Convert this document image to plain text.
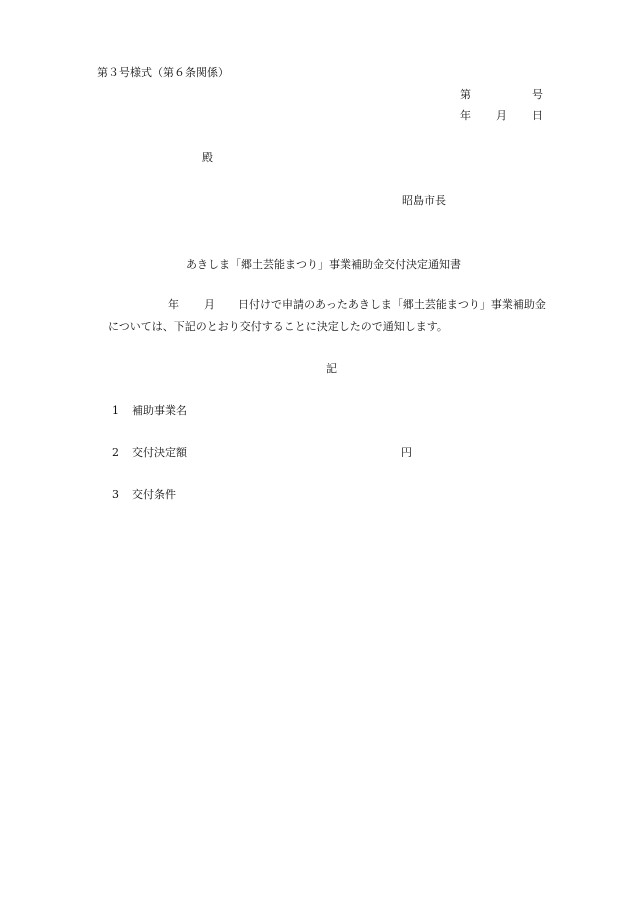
第３号様式（第６条関係）
第	号
年 月 日
殿
昭島市長
あきしま「郷土芸能まつり」事業補助金交付決定通知書
年 月 日付けで申請のあったあきしま「郷土芸能まつり」事業補助金
については、下記のとおり交付することに決定したので通知します。
記
1 補助事業名
2 交付決定額	円
3 交付条件
